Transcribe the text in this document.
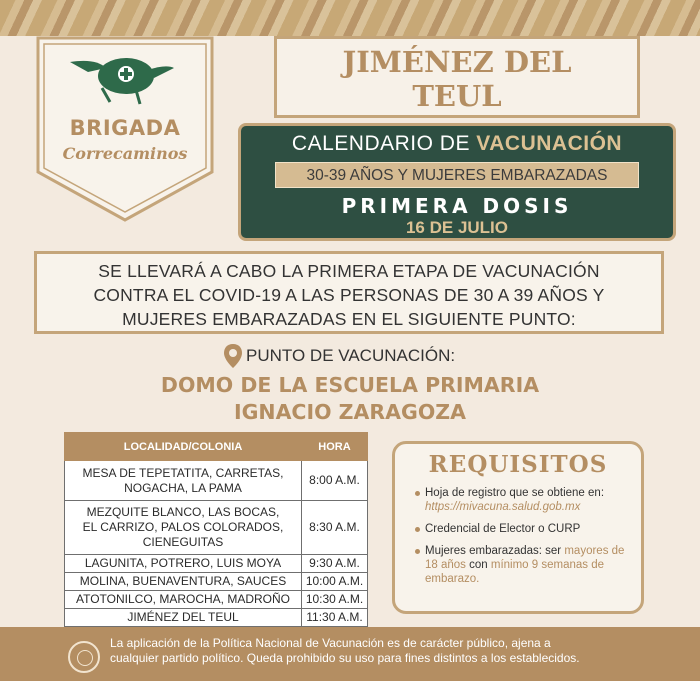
BRIGADA
Correcaminos
JIMÉNEZ DEL
TEUL
CALENDARIO DE VACUNACIÓN
30-39 AÑOS Y MUJERES EMBARAZADAS
PRIMERA DOSIS
16 DE JULIO
SE LLEVARÁ A CABO LA PRIMERA ETAPA DE VACUNACIÓN
CONTRA EL COVID-19 A LAS PERSONAS DE 30 A 39 AÑOS Y
MUJERES EMBARAZADAS EN EL SIGUIENTE PUNTO:
PUNTO DE VACUNACIÓN:
DOMO DE LA ESCUELA PRIMARIA
IGNACIO ZARAGOZA
LOCALIDAD/COLONIA	HORA

MESA DE TEPETATITA, CARRETAS,
NOGACHA, LA PAMA	8:00 A.M.

MEZQUITE BLANCO, LAS BOCAS,
EL CARRIZO, PALOS COLORADOS,
CIENEGUITAS	8:30 A.M.
LAGUNITA, POTRERO, LUIS MOYA	9:30 A.M.
MOLINA, BUENAVENTURA, SAUCES	10:00 A.M.
ATOTONILCO, MAROCHA, MADROÑO	10:30 A.M.
JIMÉNEZ DEL TEUL	11:30 A.M.
REQUISITOS
Hoja de registro que se obtiene en: https://mivacuna.salud.gob.mx
Credencial de Elector o CURP
Mujeres embarazadas: ser mayores de 18 años con mínimo 9 semanas de embarazo.
La aplicación de la Política Nacional de Vacunación es de carácter público, ajena a
cualquier partido político. Queda prohibido su uso para fines distintos a los establecidos.
